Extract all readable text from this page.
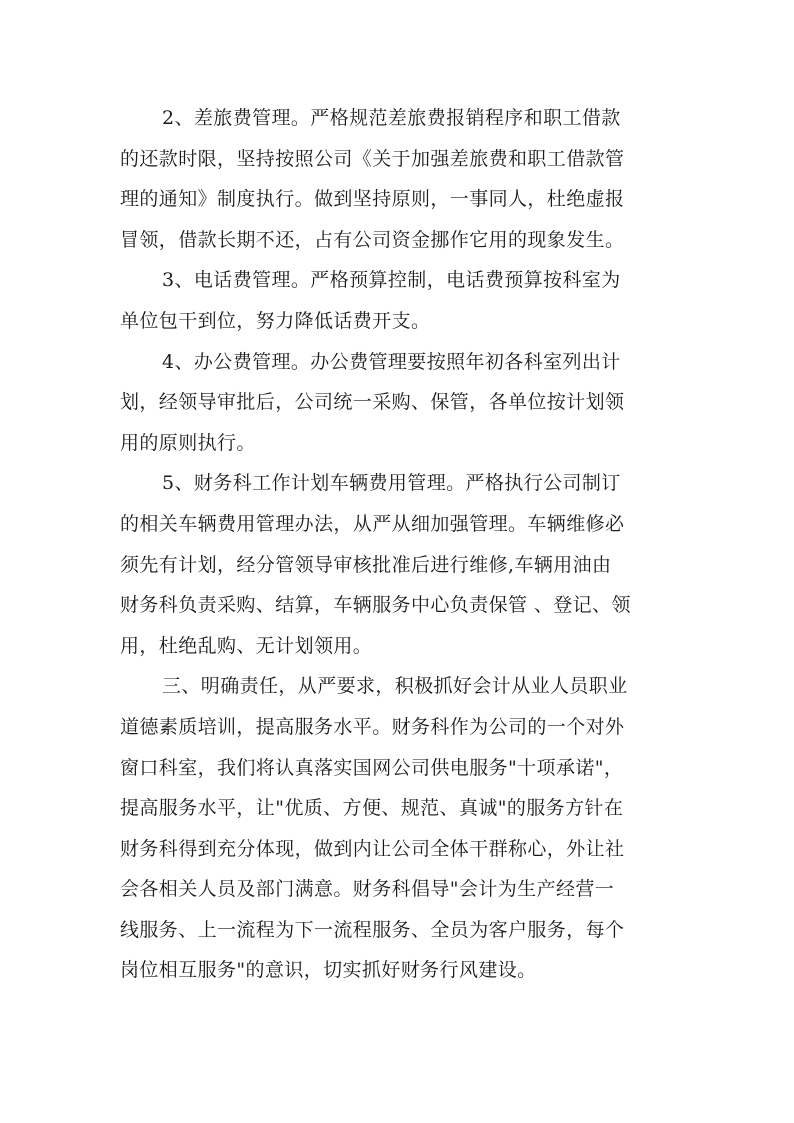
2、差旅费管理。严格规范差旅费报销程序和职工借款
的还款时限，坚持按照公司《关于加强差旅费和职工借款管
理的通知》制度执行。做到坚持原则，一事同人，杜绝虚报
冒领，借款长期不还，占有公司资金挪作它用的现象发生。
3、电话费管理。严格预算控制，电话费预算按科室为
单位包干到位，努力降低话费开支。
4、办公费管理。办公费管理要按照年初各科室列出计
划，经领导审批后，公司统一采购、保管，各单位按计划领
用的原则执行。
5、财务科工作计划车辆费用管理。严格执行公司制订
的相关车辆费用管理办法，从严从细加强管理。车辆维修必
须先有计划，经分管领导审核批准后进行维修,车辆用油由
财务科负责采购、结算，车辆服务中心负责保管 、登记、领
用，杜绝乱购、无计划领用。
三、明确责任，从严要求，积极抓好会计从业人员职业
道德素质培训，提高服务水平。财务科作为公司的一个对外
窗口科室，我们将认真落实国网公司供电服务"十项承诺"，
提高服务水平，让"优质、方便、规范、真诚"的服务方针在
财务科得到充分体现，做到内让公司全体干群称心，外让社
会各相关人员及部门满意。财务科倡导"会计为生产经营一
线服务、上一流程为下一流程服务、全员为客户服务，每个
岗位相互服务"的意识，切实抓好财务行风建设。
